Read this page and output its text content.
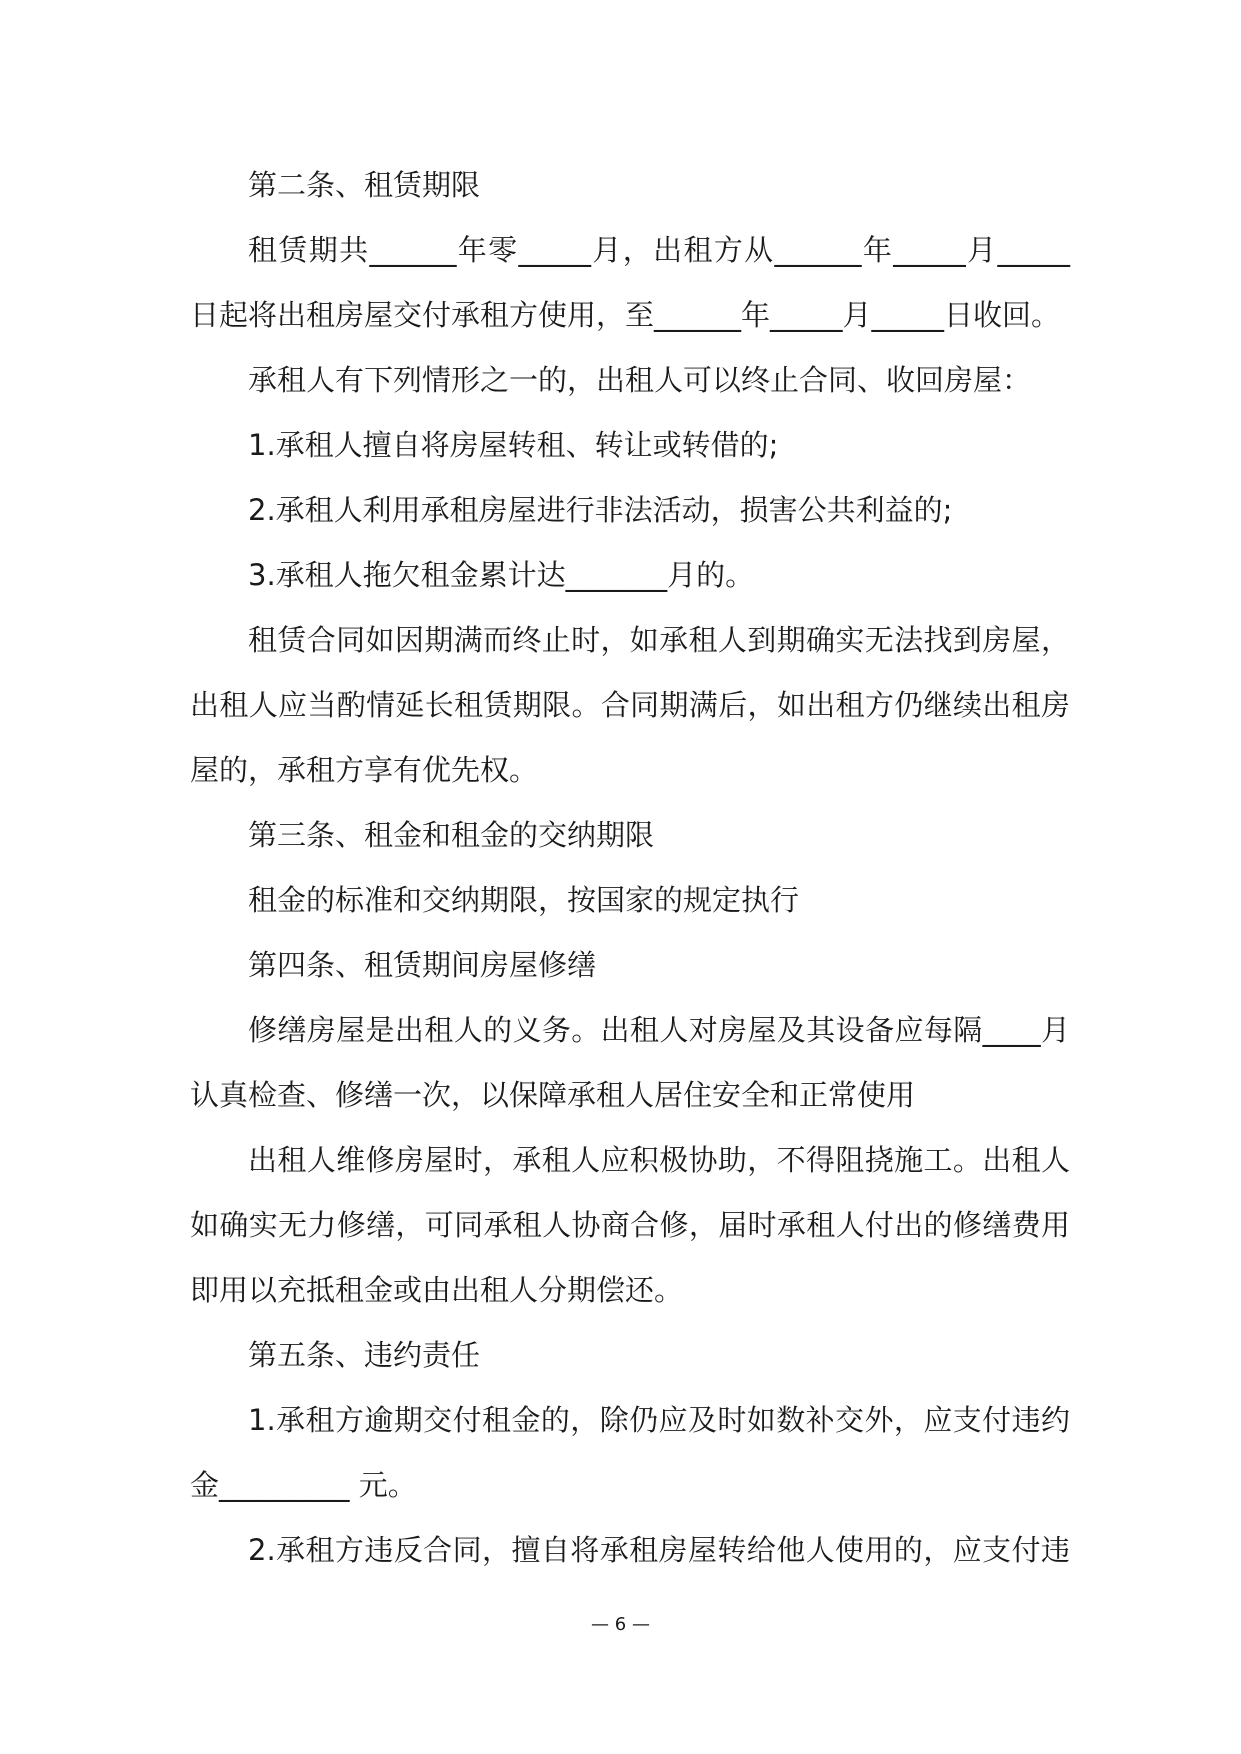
第二条、租赁期限
租赁期共______年零_____月，出租方从______年_____月_____
日起将出租房屋交付承租方使用，至______年_____月_____日收回。
承租人有下列情形之一的，出租人可以终止合同、收回房屋：
1.承租人擅自将房屋转租、转让或转借的;
2.承租人利用承租房屋进行非法活动，损害公共利益的;
3.承租人拖欠租金累计达_______月的。
租赁合同如因期满而终止时，如承租人到期确实无法找到房屋，
出租人应当酌情延长租赁期限。合同期满后，如出租方仍继续出租房
屋的，承租方享有优先权。
第三条、租金和租金的交纳期限
租金的标准和交纳期限，按国家的规定执行
第四条、租赁期间房屋修缮
修缮房屋是出租人的义务。出租人对房屋及其设备应每隔____月
认真检查、修缮一次，以保障承租人居住安全和正常使用
出租人维修房屋时，承租人应积极协助，不得阻挠施工。出租人
如确实无力修缮，可同承租人协商合修，届时承租人付出的修缮费用
即用以充抵租金或由出租人分期偿还。
第五条、违约责任
1.承租方逾期交付租金的，除仍应及时如数补交外，应支付违约
金_________ 元。
2.承租方违反合同，擅自将承租房屋转给他人使用的，应支付违
— 6 —
